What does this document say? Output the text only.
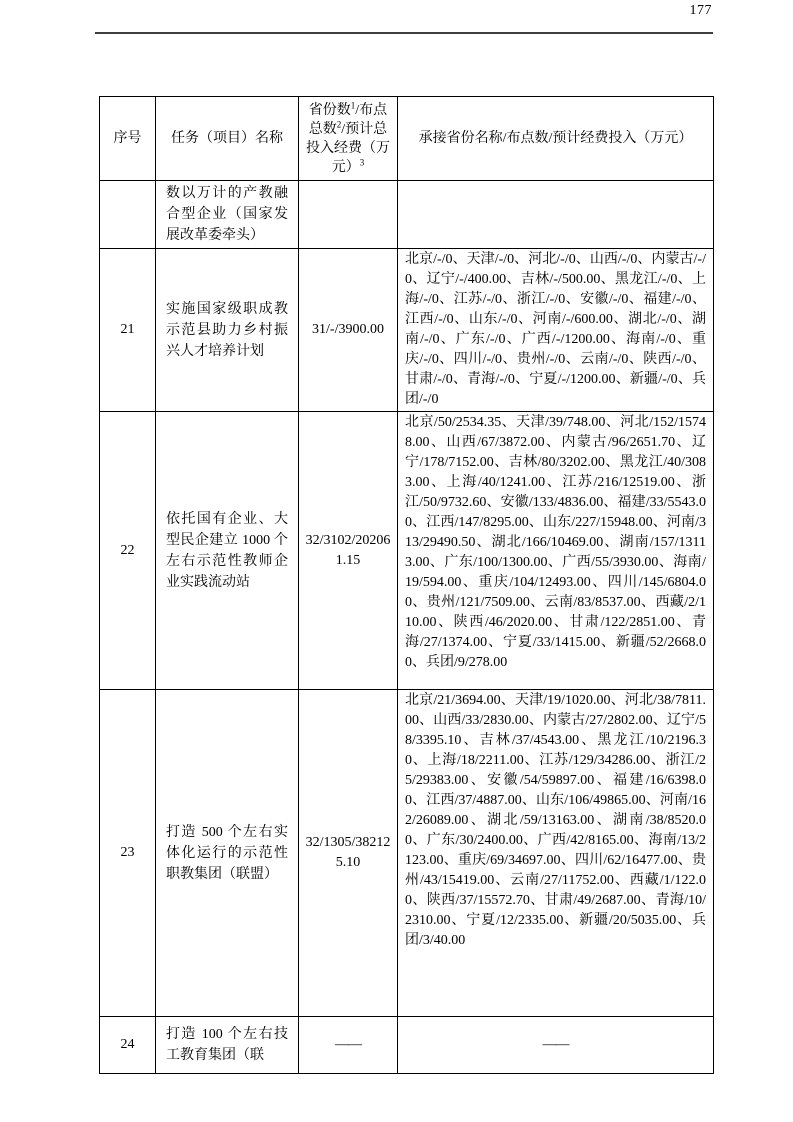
177
序号	任务（项目）名称	省份数$^1$/布点总数$^2$/预计总投入经费（万元）$^3$	承接省份名称/布点数/预计经费投入（万元）
	数以万计的产教融合型企业（国家发展改革委牵头）		
21	实施国家级职成教示范县助力乡村振兴人才培养计划	31/-/3900.00	北京/-/0、天津/-/0、河北/-/0、山西/-/0、内蒙古/-/0、辽宁/-/400.00、吉林/-/500.00、黑龙江/-/0、上海/-/0、江苏/-/0、浙江/-/0、安徽/-/0、福建/-/0、江西/-/0、山东/-/0、河南/-/600.00、湖北/-/0、湖南/-/0、广东/-/0、广西/-/1200.00、海南/-/0、重庆/-/0、四川/-/0、贵州/-/0、云南/-/0、陕西/-/0、甘肃/-/0、青海/-/0、宁夏/-/1200.00、新疆/-/0、兵团/-/0
22	依托国有企业、大型民企建立 1000 个左右示范性教师企业实践流动站	32/3102/202061.15	北京/50/2534.35、天津/39/748.00、河北/152/15748.00、山西/67/3872.00、内蒙古/96/2651.70、辽宁/178/7152.00、吉林/80/3202.00、黑龙江/40/3083.00、上海/40/1241.00、江苏/216/12519.00、浙江/50/9732.60、安徽/133/4836.00、福建/33/5543.00、江西/147/8295.00、山东/227/15948.00、河南/313/29490.50、湖北/166/10469.00、湖南/157/13113.00、广东/100/1300.00、广西/55/3930.00、海南/19/594.00、重庆/104/12493.00、四川/145/6804.00、贵州/121/7509.00、云南/83/8537.00、西藏/2/110.00、陕西/46/2020.00、甘肃/122/2851.00、青海/27/1374.00、宁夏/33/1415.00、新疆/52/2668.00、兵团/9/278.00
23	打造 500 个左右实体化运行的示范性职教集团（联盟）	32/1305/382125.10	北京/21/3694.00、天津/19/1020.00、河北/38/7811.00、山西/33/2830.00、内蒙古/27/2802.00、辽宁/58/3395.10、吉林/37/4543.00、黑龙江/10/2196.30、上海/18/2211.00、江苏/129/34286.00、浙江/25/29383.00、安徽/54/59897.00、福建/16/6398.00、江西/37/4887.00、山东/106/49865.00、河南/162/26089.00、湖北/59/13163.00、湖南/38/8520.00、广东/30/2400.00、广西/42/8165.00、海南/13/2123.00、重庆/69/34697.00、四川/62/16477.00、贵州/43/15419.00、云南/27/11752.00、西藏/1/122.00、陕西/37/15572.70、甘肃/49/2687.00、青海/10/2310.00、宁夏/12/2335.00、新疆/20/5035.00、兵团/3/40.00
24	打造 100 个左右技工教育集团（联	——	——
